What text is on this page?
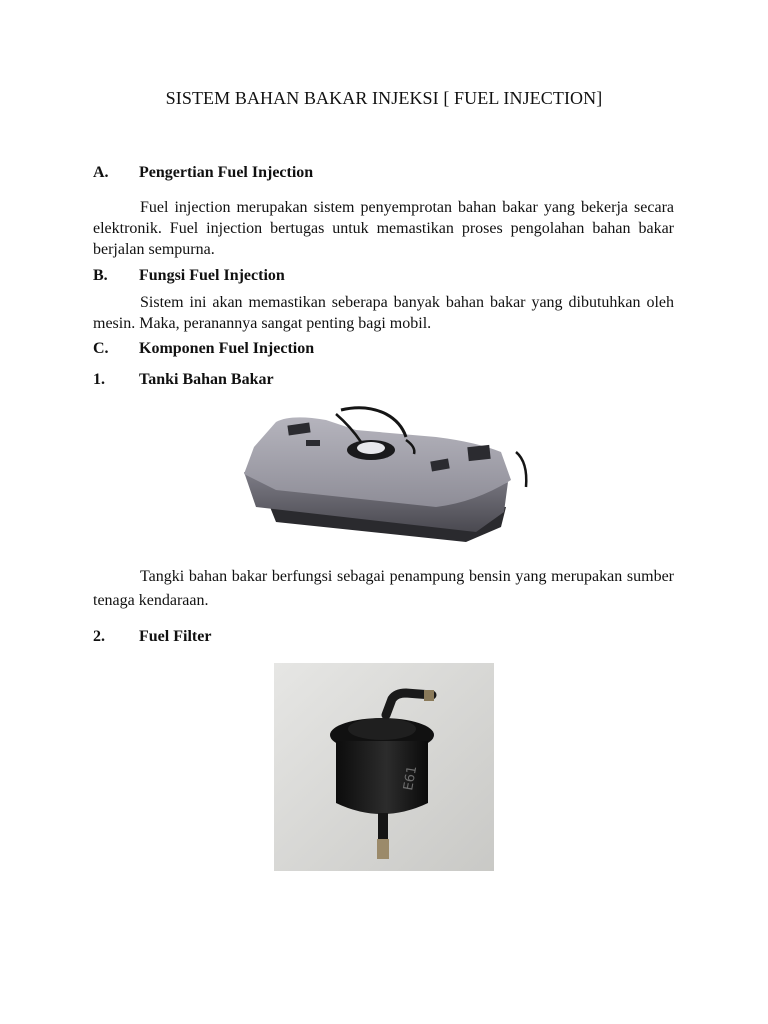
SISTEM BAHAN BAKAR INJEKSI [ FUEL INJECTION]
A. Pengertian Fuel Injection
Fuel injection merupakan sistem penyemprotan bahan bakar yang bekerja secara elektronik. Fuel injection bertugas untuk memastikan proses pengolahan bahan bakar berjalan sempurna.
B. Fungsi Fuel Injection
Sistem ini akan memastikan seberapa banyak bahan bakar yang dibutuhkan oleh mesin. Maka, peranannya sangat penting bagi mobil.
C. Komponen Fuel Injection
1. Tanki Bahan Bakar
Tangki bahan bakar berfungsi sebagai penampung bensin yang merupakan sumber tenaga kendaraan.
2. Fuel Filter
E61
